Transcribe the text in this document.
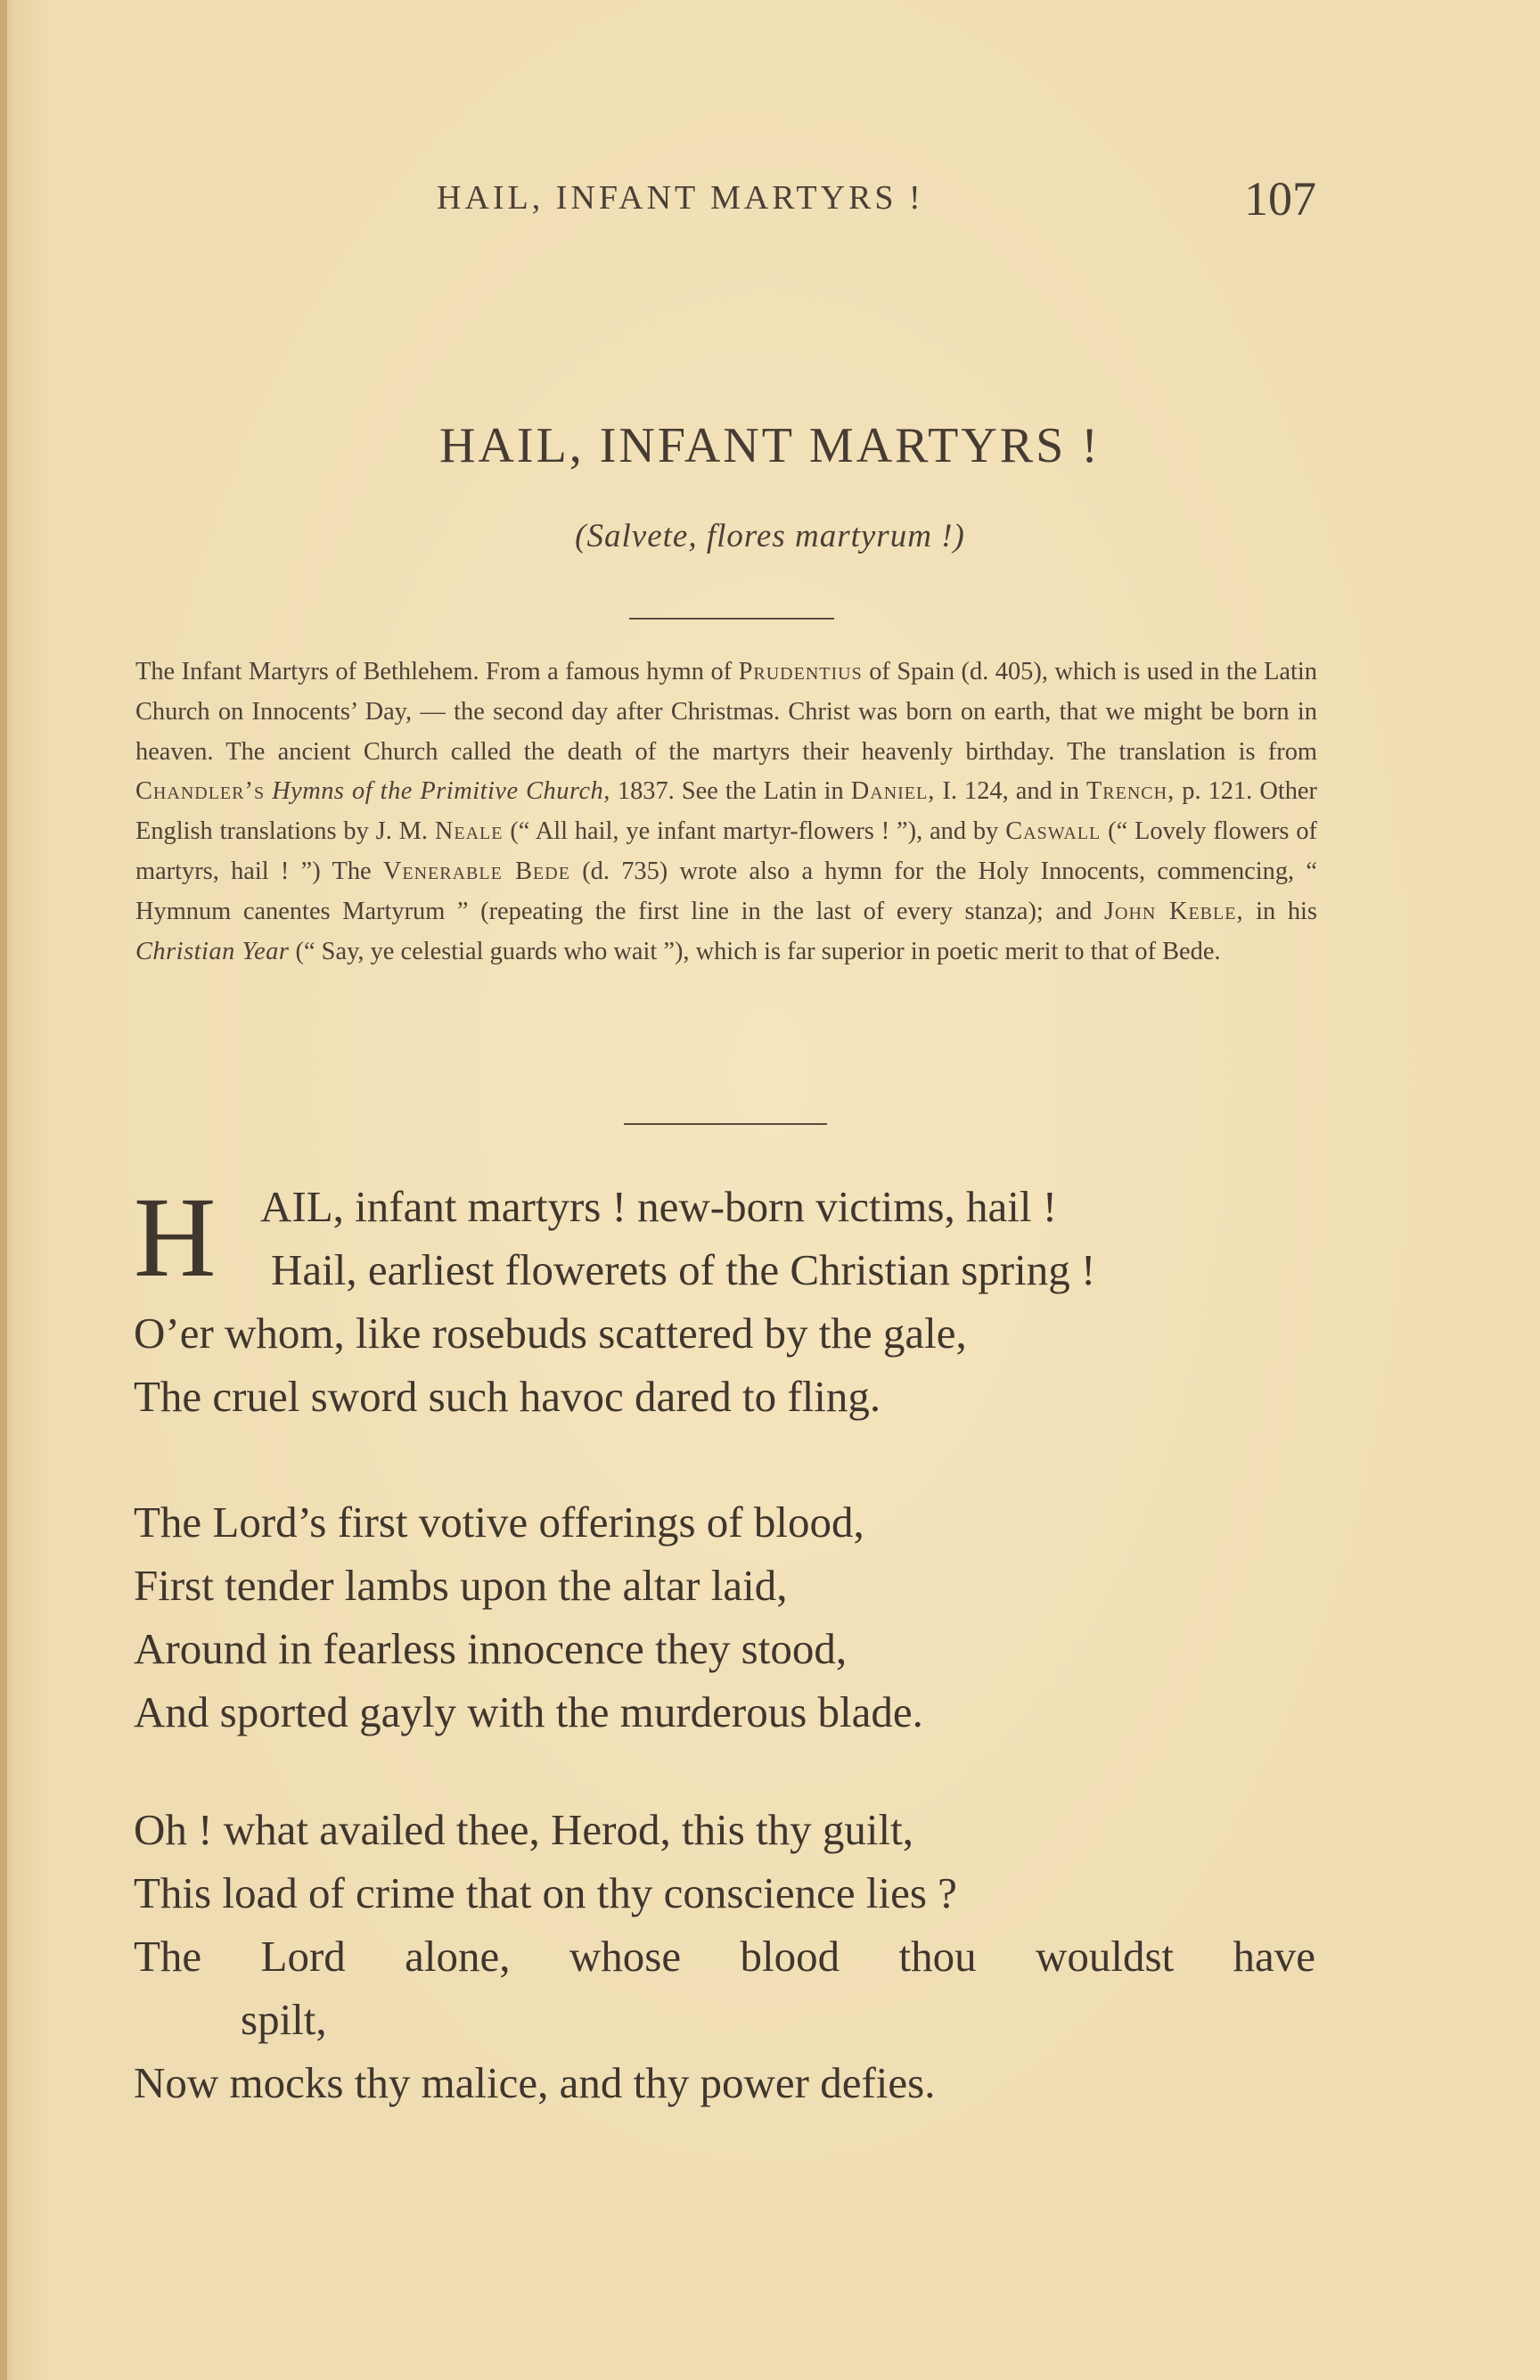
HAIL, INFANT MARTYRS !	107
HAIL, INFANT MARTYRS !
(Salvete, flores martyrum !)
The Infant Martyrs of Bethlehem. From a famous hymn of Prudentius of Spain (d. 405), which is used in the Latin Church on Innocents’ Day, — the second day after Christmas. Christ was born on earth, that we might be born in heaven. The ancient Church called the death of the martyrs their heavenly birthday. The translation is from Chandler’s Hymns of the Primitive Church, 1837. See the Latin in Daniel, I. 124, and in Trench, p. 121. Other English translations by J. M. Neale (“ All hail, ye infant martyr-flowers ! ”), and by Caswall (“ Lovely flowers of martyrs, hail ! ”) The Venerable Bede (d. 735) wrote also a hymn for the Holy Innocents, commencing, “ Hymnum canentes Martyrum ” (repeating the first line in the last of every stanza); and John Keble, in his Christian Year (“ Say, ye celestial guards who wait ”), which is far superior in poetic merit to that of Bede.
H	AIL, infant martyrs ! new-born victims, hail !
Hail, earliest flowerets of the Christian spring !
O’er whom, like rosebuds scattered by the gale,
The cruel sword such havoc dared to fling.
The Lord’s first votive offerings of blood,
First tender lambs upon the altar laid,
Around in fearless innocence they stood,
And sported gayly with the murderous blade.
Oh ! what availed thee, Herod, this thy guilt,
This load of crime that on thy conscience lies ?
The Lord alone, whose blood thou wouldst have
spilt,
Now mocks thy malice, and thy power defies.
